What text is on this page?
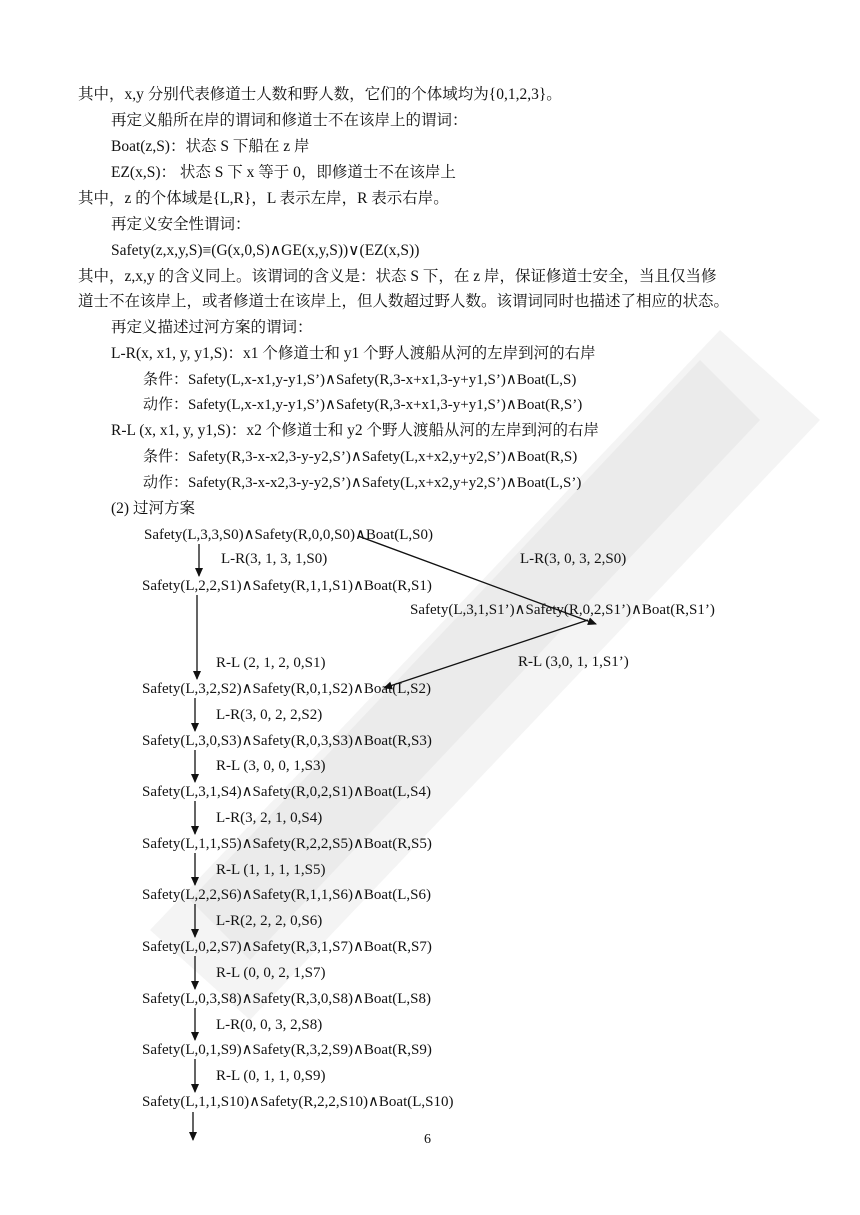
其中，x,y 分别代表修道士人数和野人数，它们的个体域均为{0,1,2,3}。
再定义船所在岸的谓词和修道士不在该岸上的谓词：
Boat(z,S)：状态 S 下船在 z 岸
EZ(x,S)： 状态 S 下 x 等于 0，即修道士不在该岸上
其中，z 的个体域是{L,R}，L 表示左岸，R 表示右岸。
再定义安全性谓词：
Safety(z,x,y,S)≡(G(x,0,S)∧GE(x,y,S))∨(EZ(x,S))
其中，z,x,y 的含义同上。该谓词的含义是：状态 S 下，在 z 岸，保证修道士安全，当且仅当修
道士不在该岸上，或者修道士在该岸上，但人数超过野人数。该谓词同时也描述了相应的状态。
再定义描述过河方案的谓词：
L-R(x, x1, y, y1,S)：x1 个修道士和 y1 个野人渡船从河的左岸到河的右岸
条件：Safety(L,x-x1,y-y1,S’)∧Safety(R,3-x+x1,3-y+y1,S’)∧Boat(L,S)
动作：Safety(L,x-x1,y-y1,S’)∧Safety(R,3-x+x1,3-y+y1,S’)∧Boat(R,S’)
R-L (x, x1, y, y1,S)：x2 个修道士和 y2 个野人渡船从河的左岸到河的右岸
条件：Safety(R,3-x-x2,3-y-y2,S’)∧Safety(L,x+x2,y+y2,S’)∧Boat(R,S)
动作：Safety(R,3-x-x2,3-y-y2,S’)∧Safety(L,x+x2,y+y2,S’)∧Boat(L,S’)
(2) 过河方案
Safety(L,3,3,S0)∧Safety(R,0,0,S0)∧Boat(L,S0)
Safety(L,2,2,S1)∧Safety(R,1,1,S1)∧Boat(R,S1)
Safety(L,3,2,S2)∧Safety(R,0,1,S2)∧Boat(L,S2)
Safety(L,3,0,S3)∧Safety(R,0,3,S3)∧Boat(R,S3)
Safety(L,3,1,S4)∧Safety(R,0,2,S1)∧Boat(L,S4)
Safety(L,1,1,S5)∧Safety(R,2,2,S5)∧Boat(R,S5)
Safety(L,2,2,S6)∧Safety(R,1,1,S6)∧Boat(L,S6)
Safety(L,0,2,S7)∧Safety(R,3,1,S7)∧Boat(R,S7)
Safety(L,0,3,S8)∧Safety(R,3,0,S8)∧Boat(L,S8)
Safety(L,0,1,S9)∧Safety(R,3,2,S9)∧Boat(R,S9)
Safety(L,1,1,S10)∧Safety(R,2,2,S10)∧Boat(L,S10)
L-R(3, 1, 3, 1,S0)
R-L (2, 1, 2, 0,S1)
L-R(3, 0, 2, 2,S2)
R-L (3, 0, 0, 1,S3)
L-R(3, 2, 1, 0,S4)
R-L (1, 1, 1, 1,S5)
L-R(2, 2, 2, 0,S6)
R-L (0, 0, 2, 1,S7)
L-R(0, 0, 3, 2,S8)
R-L (0, 1, 1, 0,S9)
Safety(L,3,1,S1’)∧Safety(R,0,2,S1’)∧Boat(R,S1’)
L-R(3, 0, 3, 2,S0)
R-L (3,0, 1, 1,S1’)
6
